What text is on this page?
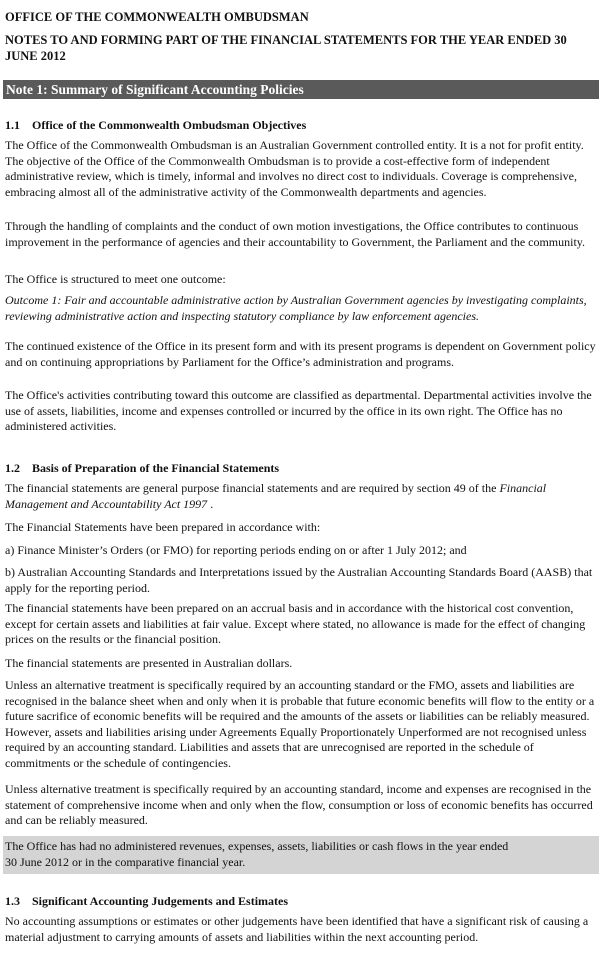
OFFICE OF THE COMMONWEALTH OMBUDSMAN
NOTES TO AND FORMING PART OF THE FINANCIAL STATEMENTS FOR THE YEAR ENDED 30 JUNE 2012
Note 1: Summary of Significant Accounting Policies
1.1 Office of the Commonwealth Ombudsman Objectives

The Office of the Commonwealth Ombudsman is an Australian Government controlled entity. It is a not for profit entity. The objective of the Office of the Commonwealth Ombudsman is to provide a cost-effective form of independent administrative review, which is timely, informal and involves no direct cost to individuals. Coverage is comprehensive, embracing almost all of the administrative activity of the Commonwealth departments and agencies.

Through the handling of complaints and the conduct of own motion investigations, the Office contributes to continuous improvement in the performance of agencies and their accountability to Government, the Parliament and the community.

The Office is structured to meet one outcome:

Outcome 1: Fair and accountable administrative action by Australian Government agencies by investigating complaints, reviewing administrative action and inspecting statutory compliance by law enforcement agencies.

The continued existence of the Office in its present form and with its present programs is dependent on Government policy and on continuing appropriations by Parliament for the Office’s administration and programs.

The Office's activities contributing toward this outcome are classified as departmental. Departmental activities involve the use of assets, liabilities, income and expenses controlled or incurred by the office in its own right. The Office has no administered activities.

1.2 Basis of Preparation of the Financial Statements

The financial statements are general purpose financial statements and are required by section 49 of the Financial Management and Accountability Act 1997 .

The Financial Statements have been prepared in accordance with:

a) Finance Minister’s Orders (or FMO) for reporting periods ending on or after 1 July 2012; and

b) Australian Accounting Standards and Interpretations issued by the Australian Accounting Standards Board (AASB) that apply for the reporting period.

The financial statements have been prepared on an accrual basis and in accordance with the historical cost convention, except for certain assets and liabilities at fair value. Except where stated, no allowance is made for the effect of changing prices on the results or the financial position.

The financial statements are presented in Australian dollars.

Unless an alternative treatment is specifically required by an accounting standard or the FMO, assets and liabilities are recognised in the balance sheet when and only when it is probable that future economic benefits will flow to the entity or a future sacrifice of economic benefits will be required and the amounts of the assets or liabilities can be reliably measured. However, assets and liabilities arising under Agreements Equally Proportionately Unperformed are not recognised unless required by an accounting standard. Liabilities and assets that are unrecognised are reported in the schedule of commitments or the schedule of contingencies.

Unless alternative treatment is specifically required by an accounting standard, income and expenses are recognised in the statement of comprehensive income when and only when the flow, consumption or loss of economic benefits has occurred and can be reliably measured.

The Office has had no administered revenues, expenses, assets, liabilities or cash flows in the year ended

30 June 2012 or in the comparative financial year.

1.3 Significant Accounting Judgements and Estimates

No accounting assumptions or estimates or other judgements have been identified that have a significant risk of causing a material adjustment to carrying amounts of assets and liabilities within the next accounting period.
